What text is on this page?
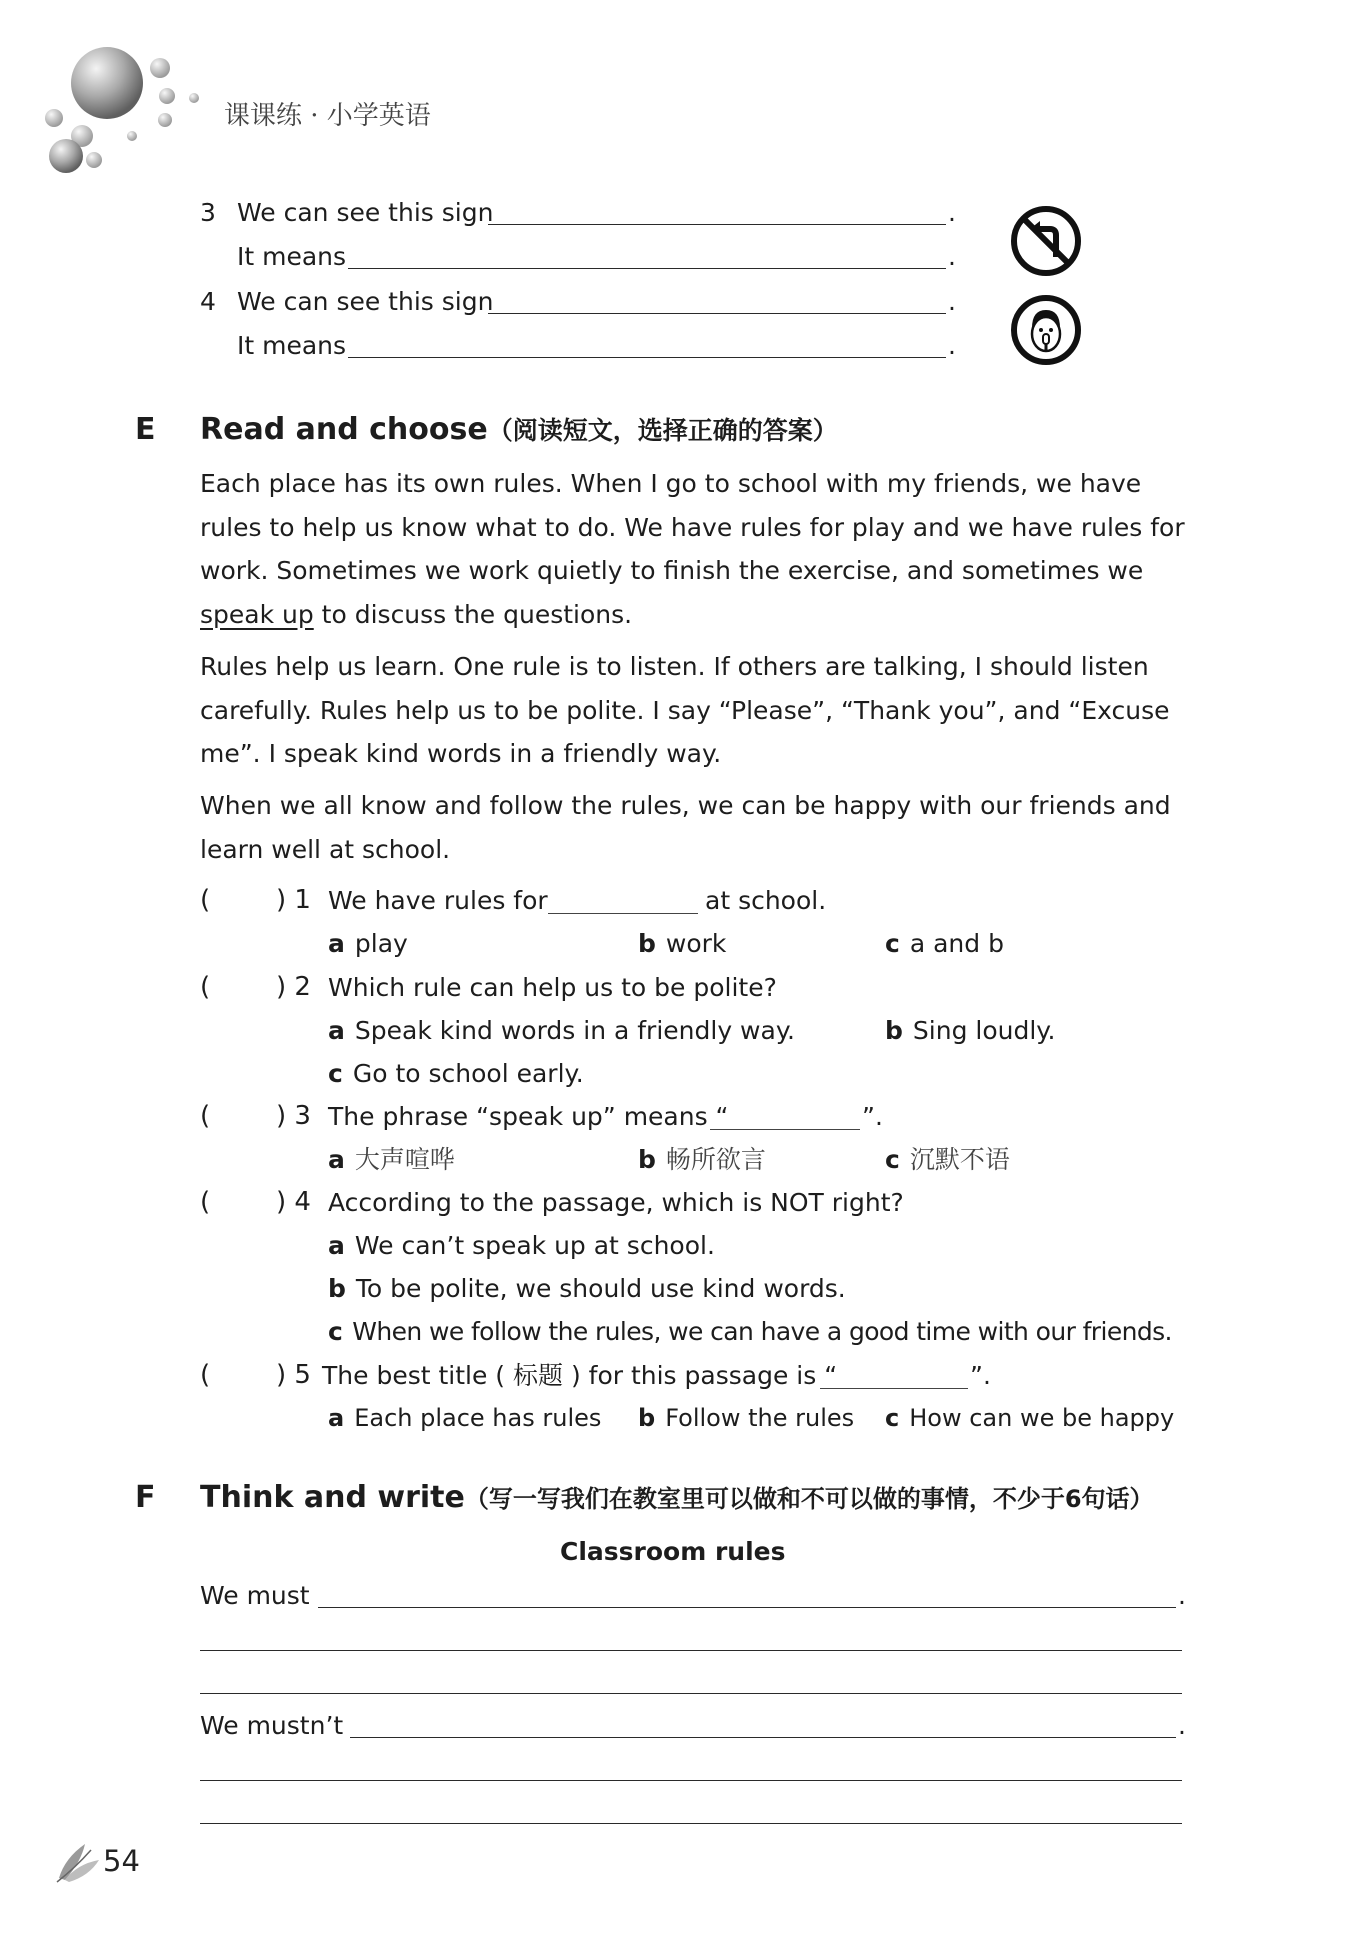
课课练 · 小学英语
3 We can see this sign	.
It means	.
4 We can see this sign	.
It means	.
E Read and choose（阅读短文，选择正确的答案）

Each place has its own rules. When I go to school with my friends, we have rules to help us know what to do. We have rules for play and we have rules for work. Sometimes we work quietly to finish the exercise, and sometimes we speak up to discuss the questions.

Rules help us learn. One rule is to listen. If others are talking, I should listen carefully. Rules help us to be polite. I say “Please”, “Thank you”, and “Excuse me”. I speak kind words in a friendly way.

When we all know and follow the rules, we can be happy with our friends and learn well at school.

(	) 1 We have rules for	at school.
a play	b work	c a and b
(	) 2 Which rule can help us to be polite?
a Speak kind words in a friendly way.	b Sing loudly.
c Go to school early.
(	) 3 The phrase “speak up” means “	”.
a 大声喧哗	b 畅所欲言	c 沉默不语
(	) 4 According to the passage, which is NOT right?
a We can’t speak up at school.
b To be polite, we should use kind words.
c When we follow the rules, we can have a good time with our friends.
(	) 5 The best title ( 标题 ) for this passage is “	”.
a Each place has rules b Follow the rules c How can we be happy
F Think and write（写一写我们在教室里可以做和不可以做的事情，不少于6句话）
Classroom rules
We must	.
We mustn’t	.
54
